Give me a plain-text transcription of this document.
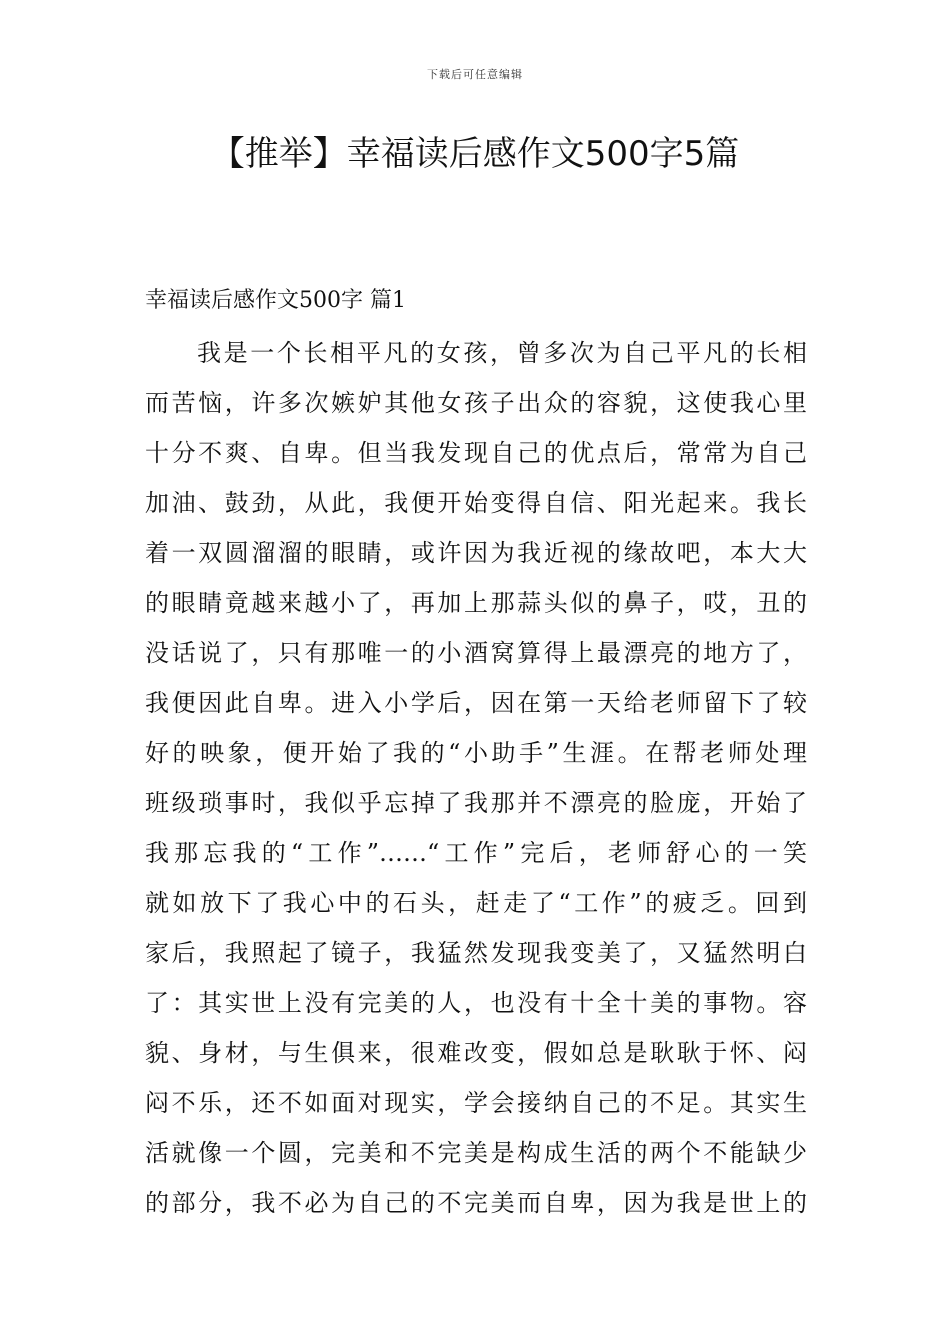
下载后可任意编辑
【推举】幸福读后感作文500字5篇
幸福读后感作文500字 篇1
我是一个长相平凡的女孩，曾多次为自己平凡的长相
而苦恼，许多次嫉妒其他女孩子出众的容貌，这使我心里
十分不爽、自卑。但当我发现自己的优点后，常常为自己
加油、鼓劲，从此，我便开始变得自信、阳光起来。我长
着一双圆溜溜的眼睛，或许因为我近视的缘故吧，本大大
的眼睛竟越来越小了，再加上那蒜头似的鼻子，哎，丑的
没话说了，只有那唯一的小酒窝算得上最漂亮的地方了，
我便因此自卑。进入小学后，因在第一天给老师留下了较
好的映象，便开始了我的“小助手”生涯。在帮老师处理
班级琐事时，我似乎忘掉了我那并不漂亮的脸庞，开始了
我那忘我的“工作”……“工作”完后，老师舒心的一笑
就如放下了我心中的石头，赶走了“工作”的疲乏。回到
家后，我照起了镜子，我猛然发现我变美了，又猛然明白
了：其实世上没有完美的人，也没有十全十美的事物。容
貌、身材，与生俱来，很难改变，假如总是耿耿于怀、闷
闷不乐，还不如面对现实，学会接纳自己的不足。其实生
活就像一个圆，完美和不完美是构成生活的两个不能缺少
的部分，我不必为自己的不完美而自卑，因为我是世上的
